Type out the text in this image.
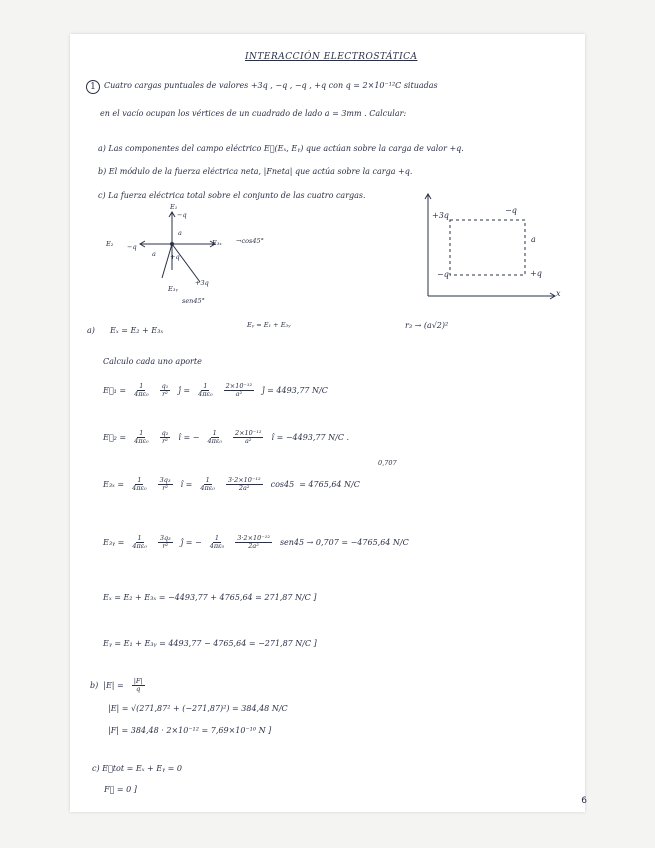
INTERACCIÓN ELECTROSTÁTICA
1	Cuatro cargas puntuales de valores +3q , −q , −q , +q con q = 2×10⁻¹²C situadas
en el vacío ocupan los vértices de un cuadrado de lado a = 3mm . Calcular:
a) Las componentes del campo eléctrico E⃗(Eₓ, Eᵧ) que actúan sobre la carga de valor +q.
b) El módulo de la fuerza eléctrica neta, |Fneta| que actúa sobre la carga +q.
c) La fuerza eléctrica total sobre el conjunto de las cuatro cargas.
E₁
−q
E₂
−q
E₃ₓ →cos45°
+q
a
a
E₃ᵧ
+3q
sen45°
+3q
−q
−q	+q
a
x
a) Eₓ = E₂ + E₃ₓ
Eᵧ = E₁ + E₃ᵧ	r₃ → (a√2)²
Calculo cada uno aporte
E⃗₁ = $\frac{1}{\text{4πε₀}} \frac{\text{q₁}}{\text{r²}}$ ĵ = $\frac{1}{\text{4πε₀}} \frac{\text{2×10⁻¹²}}{\text{a²}}$ ĵ = 4493,77 N/C
E⃗₂ = $\frac{1}{\text{4πε₀}} \frac{\text{q₂}}{\text{r²}}$ î = − $\frac{1}{\text{4πε₀}} \frac{\text{2×10⁻¹²}}{\text{a²}}$ î = −4493,77 N/C .
0,707
$E_{3x} = \frac{1}{\text{4πε₀}} \frac{\text{3q₃}}{\text{r²}}$ î = $\frac{1}{\text{4πε₀}} \frac{\text{3·2×10⁻¹²}}{\text{2a²}} \cos 45 = 4765,64$ N/C
E₃ᵧ = $\frac{1}{\text{4πε₀}} \frac{\text{3q₃}}{\text{r²}}$ ĵ = − $\frac{1}{\text{4πε₀}} \frac{\text{3·2×10⁻¹²}}{\text{2a²}} sen45 \to 0,707 = -4765,64$ N/C
Eₓ = E₂ + E₃ₓ = −4493,77 + 4765,64 = 271,87 N/C ]
Eᵧ = E₁ + E₃ᵧ = 4493,77 − 4765,64 = −271,87 N/C ]
b) $|E| = \frac{|F|}{q}$
|E| = √(271,87² + (−271,87)²) = 384,48 N/C
|F| = 384,48 · 2×10⁻¹² = 7,69×10⁻¹⁰ N ]
c) E⃗tot = Eₓ + Eᵧ = 0
F⃗ = 0 ]
6
